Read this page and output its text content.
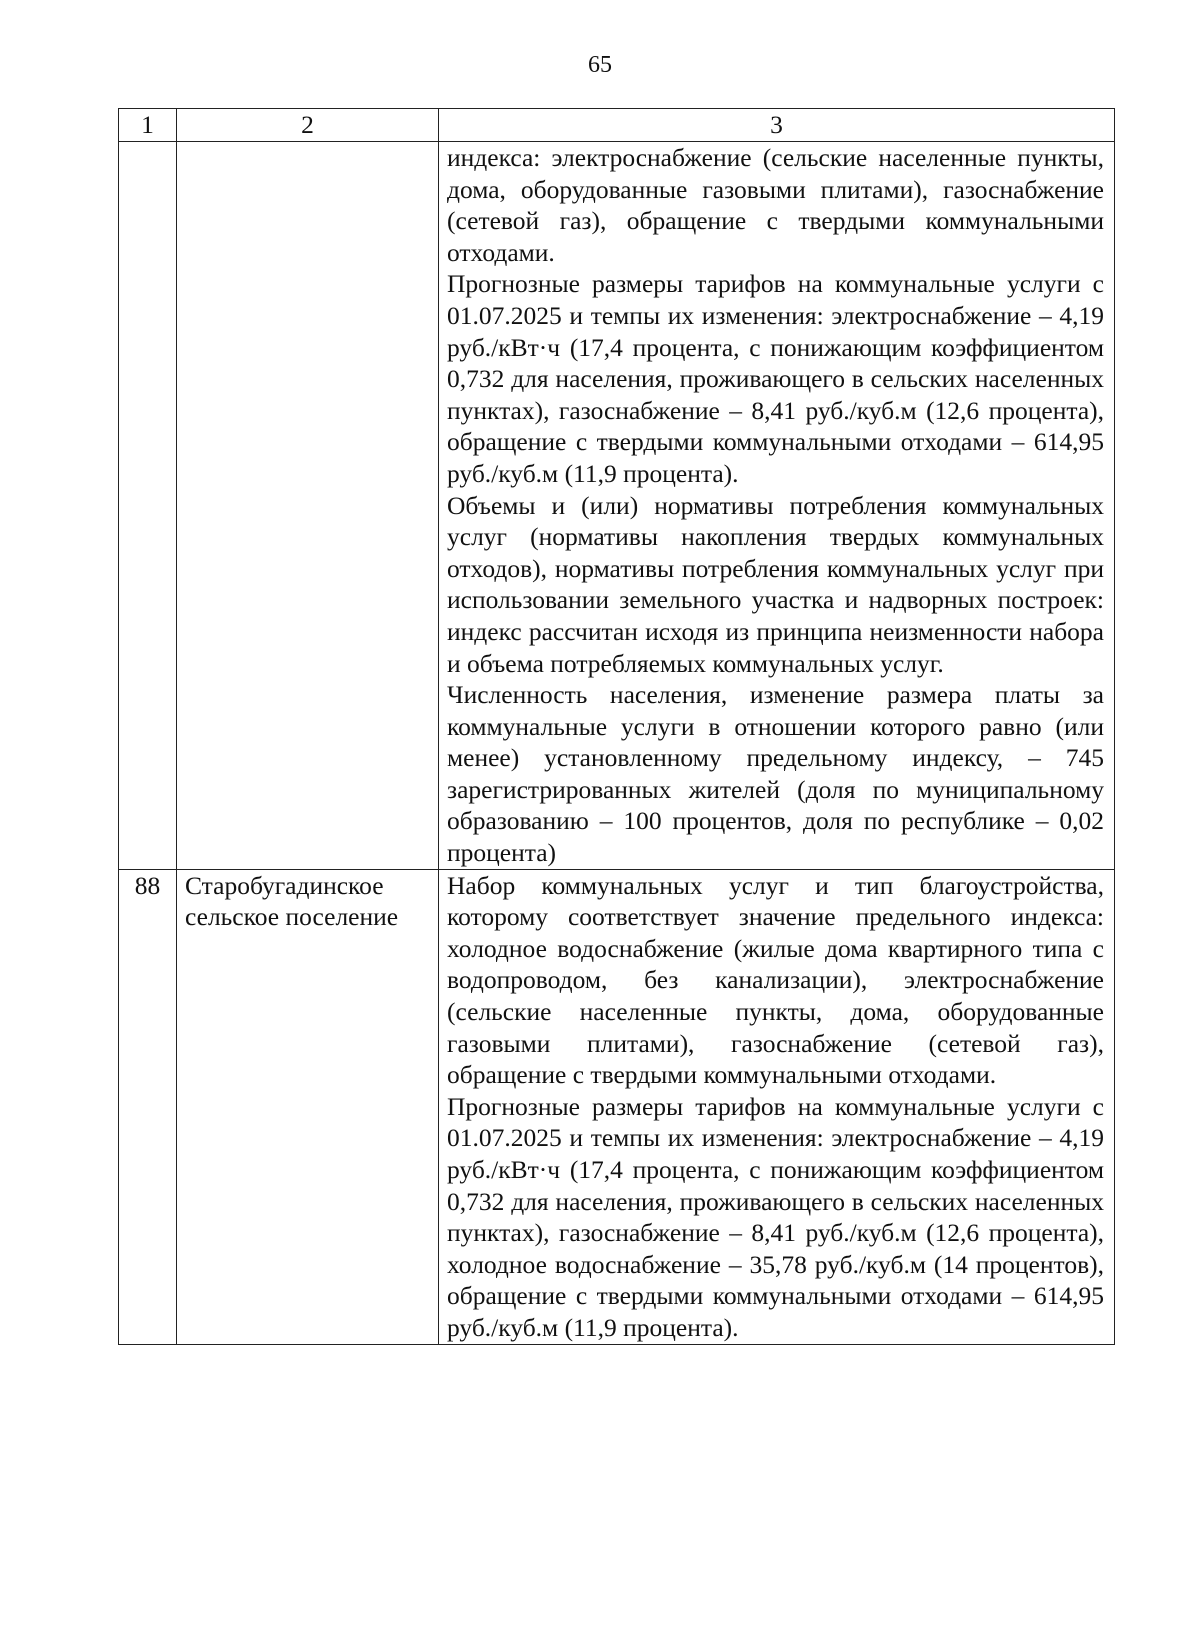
65
1	2	3

		индекса: электроснабжение (сельские населенные пункты, дома, оборудованные газовыми плитами), газоснабжение (сетевой газ), обращение с твердыми коммунальными отходами.

Прогнозные размеры тарифов на коммунальные услуги с 01.07.2025 и темпы их изменения: электроснабжение – 4,19 руб./кВт·ч (17,4 процента, с понижающим коэффициентом 0,732 для населения, проживающего в сельских населенных пунктах), газоснабжение – 8,41 руб./куб.м (12,6 процента), обращение с твердыми коммунальными отходами – 614,95 руб./куб.м (11,9 процента).

Объемы и (или) нормативы потребления коммунальных услуг (нормативы накопления твердых коммунальных отходов), нормативы потребления коммунальных услуг при использовании земельного участка и надворных построек: индекс рассчитан исходя из принципа неизменности набора и объема потребляемых коммунальных услуг.

Численность населения, изменение размера платы за коммунальные услуги в отношении которого равно (или менее) установленному предельному индексу, – 745 зарегистрированных жителей (доля по муниципальному образованию – 100 процентов, доля по республике – 0,02 процента)

88	Старобугадинское сельское поселение	Набор коммунальных услуг и тип благоустройства, которому соответствует значение предельного индекса: холодное водоснабжение (жилые дома квартирного типа с водопроводом, без канализации), электроснабжение (сельские населенные пункты, дома, оборудованные газовыми плитами), газоснабжение (сетевой газ), обращение с твердыми коммунальными отходами.

Прогнозные размеры тарифов на коммунальные услуги с 01.07.2025 и темпы их изменения: электроснабжение – 4,19 руб./кВт·ч (17,4 процента, с понижающим коэффициентом 0,732 для населения, проживающего в сельских населенных пунктах), газоснабжение – 8,41 руб./куб.м (12,6 процента), холодное водоснабжение – 35,78 руб./куб.м (14 процентов), обращение с твердыми коммунальными отходами – 614,95 руб./куб.м (11,9 процента).
